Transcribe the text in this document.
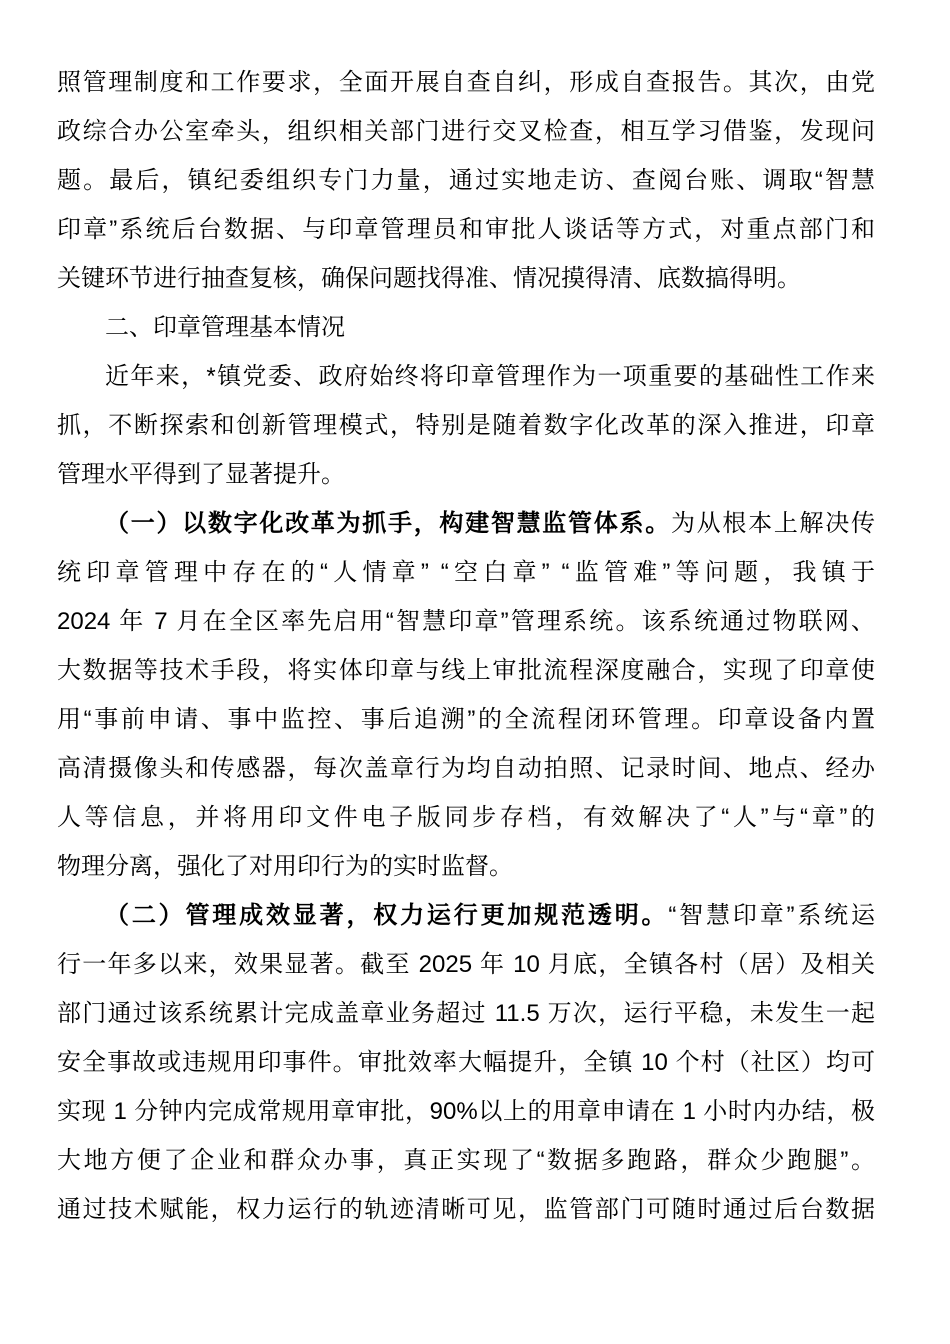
照管理制度和工作要求，全面开展自查自纠，形成自查报告。其次，由党
政综合办公室牵头，组织相关部门进行交叉检查，相互学习借鉴，发现问
题。最后，镇纪委组织专门力量，通过实地走访、查阅台账、调取“智慧
印章”系统后台数据、与印章管理员和审批人谈话等方式，对重点部门和
关键环节进行抽查复核，确保问题找得准、情况摸得清、底数搞得明。
二、印章管理基本情况
近年来，*镇党委、政府始终将印章管理作为一项重要的基础性工作来
抓，不断探索和创新管理模式，特别是随着数字化改革的深入推进，印章
管理水平得到了显著提升。
（一）以数字化改革为抓手，构建智慧监管体系。为从根本上解决传
统印章管理中存在的“人情章” “空白章” “监管难”等问题，我镇于
2024 年 7 月在全区率先启用“智慧印章”管理系统。该系统通过物联网、
大数据等技术手段，将实体印章与线上审批流程深度融合，实现了印章使
用“事前申请、事中监控、事后追溯”的全流程闭环管理。印章设备内置
高清摄像头和传感器，每次盖章行为均自动拍照、记录时间、地点、经办
人等信息，并将用印文件电子版同步存档，有效解决了“人”与“章”的
物理分离，强化了对用印行为的实时监督。
（二）管理成效显著，权力运行更加规范透明。“智慧印章”系统运
行一年多以来，效果显著。截至 2025 年 10 月底，全镇各村（居）及相关
部门通过该系统累计完成盖章业务超过 11.5 万次，运行平稳，未发生一起
安全事故或违规用印事件。审批效率大幅提升，全镇 10 个村（社区）均可
实现 1 分钟内完成常规用章审批，90%以上的用章申请在 1 小时内办结，极
大地方便了企业和群众办事，真正实现了“数据多跑路，群众少跑腿”。
通过技术赋能，权力运行的轨迹清晰可见，监管部门可随时通过后台数据
